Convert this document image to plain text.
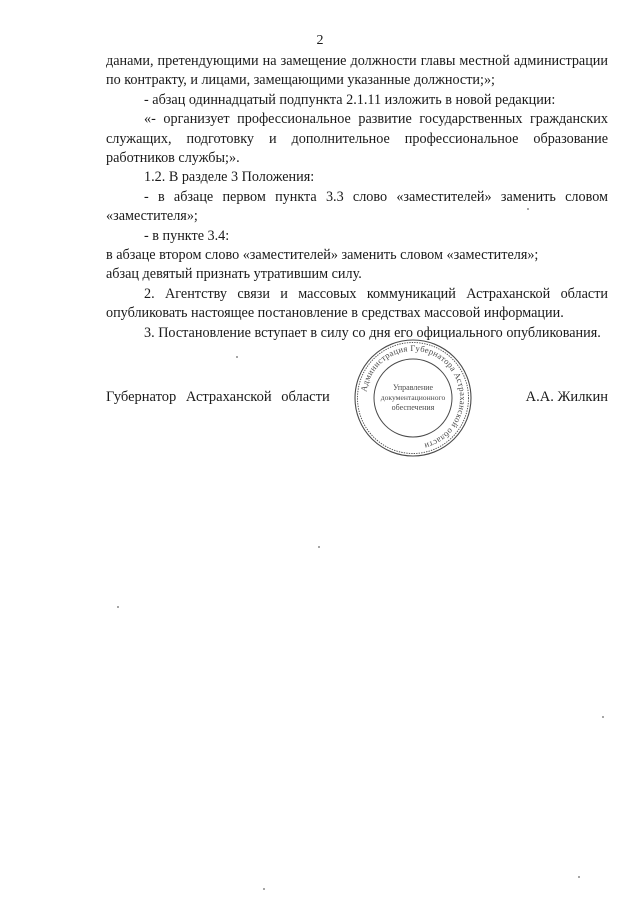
2

данами, претендующими на замещение должности главы местной администрации по контракту, и лицами, замещающими указанные должности;»;

- абзац одиннадцатый подпункта 2.1.11 изложить в новой редакции:

«- организует профессиональное развитие государственных гражданских служащих, подготовку и дополнительное профессиональное образование работников службы;».

1.2. В разделе 3 Положения:

- в абзаце первом пункта 3.3 слово «заместителей» заменить словом «заместителя»;

- в пункте 3.4:

в абзаце втором слово «заместителей» заменить словом «заместителя»;

абзац девятый признать утратившим силу.

2. Агентству связи и массовых коммуникаций Астраханской области опубликовать настоящее постановление в средствах массовой информации.

3. Постановление вступает в силу со дня его официального опубликования.

Губернатор Астраханской области	А.А. Жилкин
Администрация Губернатора Астраханской области
Управление
документационного
обеспечения
